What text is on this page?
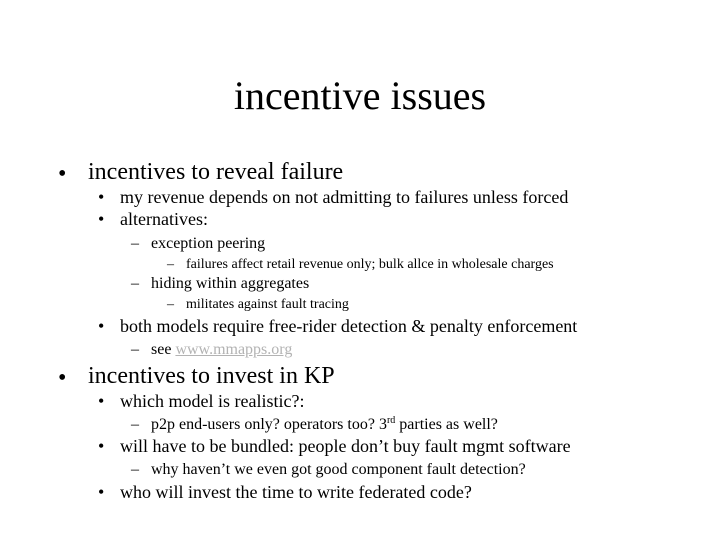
incentive issues
• incentives to reveal failure
• my revenue depends on not admitting to failures unless forced
• alternatives:
– exception peering
– failures affect retail revenue only; bulk allce in wholesale charges
– hiding within aggregates
– militates against fault tracing
• both models require free-rider detection & penalty enforcement
– see www.mmapps.org
• incentives to invest in KP
• which model is realistic?:
– p2p end-users only? operators too? 3rd parties as well?
• will have to be bundled: people don’t buy fault mgmt software
– why haven’t we even got good component fault detection?
• who will invest the time to write federated code?
